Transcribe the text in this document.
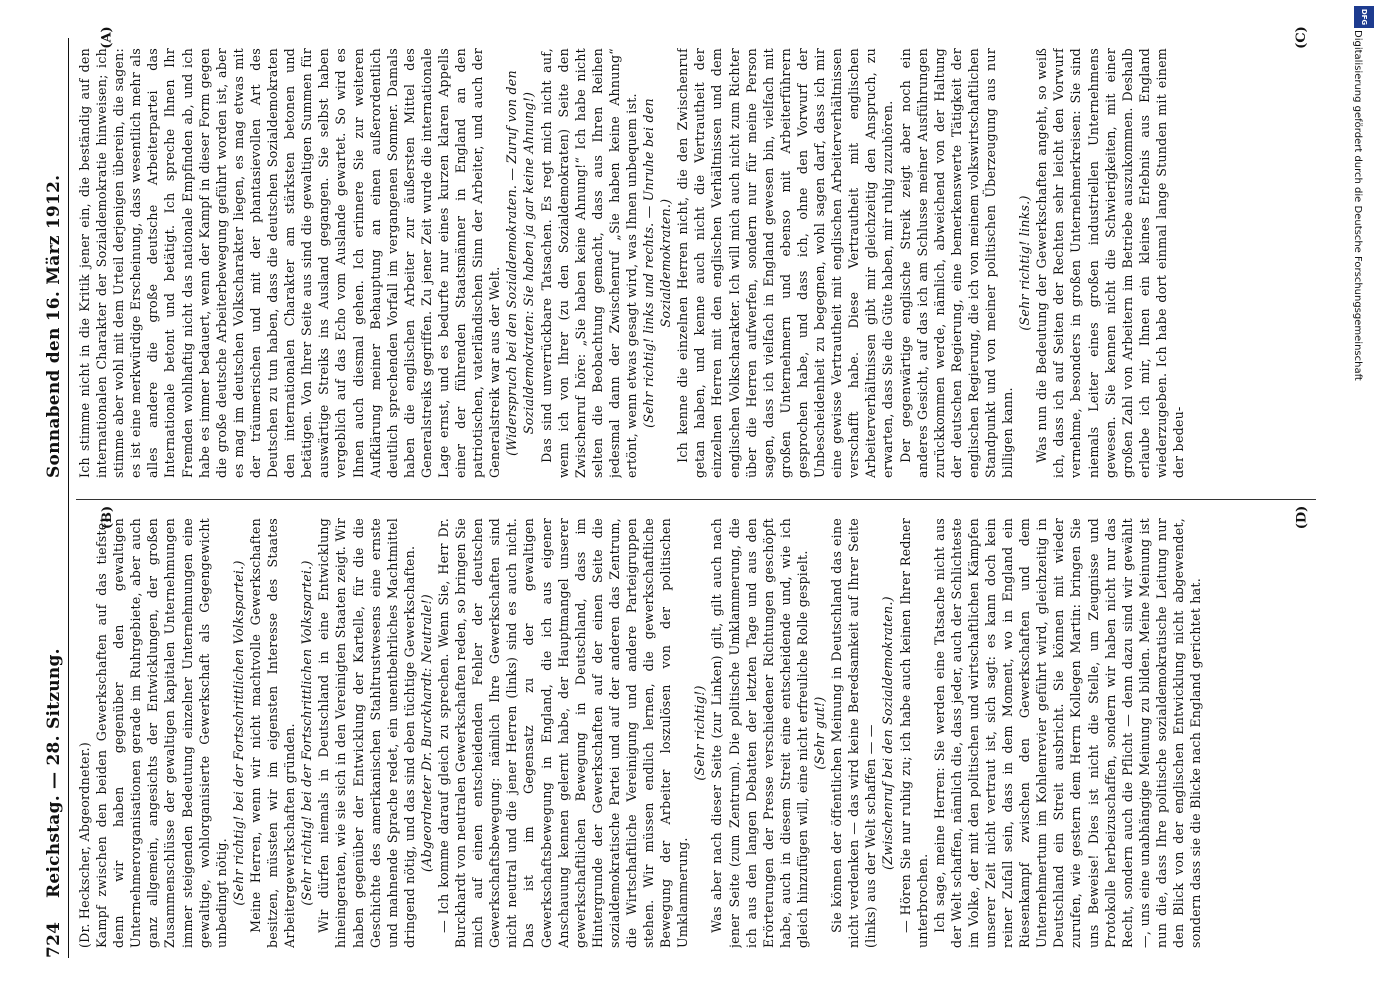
724
Reichstag. — 28. Sitzung.
Sonnabend den 16. März 1912.

(Dr. Heckscher, Abgeordneter.) Kampf zwischen den beiden Gewerkschaften auf das tiefste; denn wir haben gegenüber den gewaltigen Unternehmerorganisationen gerade im Ruhrgebiete, aber auch ganz allgemein, angesichts der Entwicklungen, der großen Zusammenschlüsse der gewaltigen kapitalen Unternehmungen immer steigenden Bedeutung einzelner Unternehmungen eine gewaltige, wohlorganisierte Gewerkschaft als Gegengewicht unbedingt nötig. (Sehr richtig! bei der Fortschrittlichen Volkspartei.) Meine Herren, wenn wir nicht machtvolle Gewerkschaften besitzen, müssten wir im eigensten Interesse des Staates Arbeitergewerkschaften gründen. (Sehr richtig! bei der Fortschrittlichen Volkspartei.) Wir dürfen niemals in Deutschland in eine Entwicklung hineingeraten, wie sie sich in den Vereinigten Staaten zeigt. Wir haben gegenüber der Entwicklung der Kartelle, für die die Geschichte des amerikanischen Stahltrustwesens eine ernste und mahnende Sprache redet, ein unentbehrliches Machtmittel dringend nötig, und das sind eben tüchtige Gewerkschaften. (Abgeordneter Dr. Burckhardt: Neutrale!) — Ich komme darauf gleich zu sprechen. Wenn Sie, Herr Dr. Burckhardt von neutralen Gewerkschaften reden, so bringen Sie mich auf einen entscheidenden Fehler der deutschen Gewerkschaftsbewegung: nämlich Ihre Gewerkschaften sind nicht neutral und die jener Herren (links) sind es auch nicht. Das ist im Gegensatz zu der gewaltigen Gewerkschaftsbewegung in England, die ich aus eigener Anschauung kennen gelernt habe, der Hauptmangel unserer gewerkschaftlichen Bewegung in Deutschland, dass im Hintergrunde der Gewerkschaften auf der einen Seite die sozialdemokratische Partei und auf der anderen das Zentrum, die Wirtschaftliche Vereinigung und andere Parteigruppen stehen. Wir müssen endlich lernen, die gewerkschaftliche Bewegung der Arbeiter loszulösen von der politischen Umklammerung.

(Sehr richtig!) Was aber nach dieser Seite (zur Linken) gilt, gilt auch nach jener Seite (zum Zentrum). Die politische Umklammerung, die ich aus den langen Debatten der letzten Tage und aus den Erörterungen der Presse verschiedener Richtungen geschöpft habe, auch in diesem Streit eine entscheidende und, wie ich gleich hinzufügen will, eine nicht erfreuliche Rolle gespielt. (Sehr gut!) Sie können der öffentlichen Meinung in Deutschland das eine nicht verdenken — das wird keine Beredsamkeit auf Ihrer Seite (links) aus der Welt schaffen — — (Zwischenruf bei den Sozialdemokraten.) — Hören Sie nur ruhig zu; ich habe auch keinen Ihrer Redner unterbrochen. Ich sage, meine Herren: Sie werden eine Tatsache nicht aus der Welt schaffen, nämlich die, dass jeder, auch der Schlichteste im Volke, der mit den politischen und wirtschaftlichen Kämpfen unserer Zeit nicht vertraut ist, sich sagt: es kann doch kein reiner Zufall sein, dass in dem Moment, wo in England ein Riesenkampf zwischen den Gewerkschaften und dem Unternehmertum im Kohlenrevier geführt wird, gleichzeitig in Deutschland ein Streit ausbricht. Sie können mit wieder zurufen, wie gestern dem Herrn Kollegen Martin: bringen Sie uns Beweise! Dies ist nicht die Stelle, um Zeugnisse und Protokolle herbeizuschaffen, sondern wir haben nicht nur das Recht, sondern auch die Pflicht — denn dazu sind wir gewählt —, uns eine unabhängige Meinung zu bilden. Meine Meinung ist nun die, dass Ihre politische sozialdemokratische Leitung nur den Blick von der englischen Entwicklung nicht abgewendet, sondern dass sie die Blicke nach England gerichtet hat.

Ich stimme nicht in die Kritik jener ein, die beständig auf den internationalen Charakter der Sozialdemokratie hinweisen; ich stimme aber wohl mit dem Urteil derjenigen überein, die sagen: es ist eine merkwürdige Erscheinung, dass wesentlich mehr als alles andere die große deutsche Arbeiterpartei das Internationale betont und betätigt. Ich spreche Ihnen Ihr Fremden wohlhaftig nicht das nationale Empfinden ab, und ich habe es immer bedauert, wenn der Kampf in dieser Form gegen die große deutsche Arbeiterbewegung geführt worden ist, aber es mag im deutschen Volkscharakter liegen, es mag etwas mit der träumerischen und mit der phantasievollen Art des Deutschen zu tun haben, dass die deutschen Sozialdemokraten den internationalen Charakter am stärksten betonen und betätigen. Von Ihrer Seite aus sind die gewaltigen Summen für auswärtige Streiks ins Ausland gegangen. Sie selbst haben vergeblich auf das Echo vom Auslande gewartet. So wird es Ihnen auch diesmal gehen. Ich erinnere Sie zur weiteren Aufklärung meiner Behauptung an einen außerordentlich deutlich sprechenden Vorfall im vergangenen Sommer. Damals haben die englischen Arbeiter zur äußersten Mittel des Generalstreiks gegriffen. Zu jener Zeit wurde die internationale Lage ernst, und es bedurfte nur eines kurzen klaren Appells einer der führenden Staatsmänner in England an den patriotischen, vaterländischen Sinn der Arbeiter, und auch der Generalstreik war aus der Welt. (Widerspruch bei den Sozialdemokraten. — Zuruf von den Sozialdemokraten: Sie haben ja gar keine Ahnung!) Das sind unverrückbare Tatsachen. Es regt mich nicht auf, wenn ich von Ihrer (zu den Sozialdemokraten) Seite den Zwischenruf höre: „Sie haben keine Ahnung!“ Ich habe nicht selten die Beobachtung gemacht, dass aus Ihren Reihen jedesmal dann der Zwischenruf „Sie haben keine Ahnung“ ertönt, wenn etwas gesagt wird, was Ihnen unbequem ist. (Sehr richtig! links und rechts. — Unruhe bei den Sozialdemokraten.) Ich kenne die einzelnen Herren nicht, die den Zwischenruf getan haben, und kenne auch nicht die Vertrautheit der einzelnen Herren mit den englischen Verhältnissen und dem englischen Volkscharakter. Ich will mich auch nicht zum Richter über die Herren aufwerfen, sondern nur für meine Person sagen, dass ich vielfach in England gewesen bin, vielfach mit großen Unternehmern und ebenso mit Arbeiterführern gesprochen habe, und dass ich, ohne den Vorwurf der Unbescheidenheit zu begegnen, wohl sagen darf, dass ich mir eine gewisse Vertrautheit mit englischen Arbeiterverhältnissen verschafft habe. Diese Vertrautheit mit englischen Arbeiterverhältnissen gibt mir gleichzeitig den Anspruch, zu erwarten, dass Sie die Güte haben, mir ruhig zuzuhören. Der gegenwärtige englische Streik zeigt aber noch ein anderes Gesicht, auf das ich am Schlusse meiner Ausführungen zurückkommen werde, nämlich, abweichend von der Haltung der deutschen Regierung, eine bemerkenswerte Tätigkeit der englischen Regierung, die ich von meinem volkswirtschaftlichen Standpunkt und von meiner politischen Überzeugung aus nur billigen kann.

(Sehr richtig! links.) Was nun die Bedeutung der Gewerkschaften angeht, so weiß ich, dass ich auf Seiten der Rechten sehr leicht den Vorwurf vernehme, besonders in großen Unternehmerkreisen: Sie sind niemals Leiter eines großen industriellen Unternehmens gewesen. Sie kennen nicht die Schwierigkeiten, mit einer großen Zahl von Arbeitern im Betriebe auszukommen. Deshalb erlaube ich mir, Ihnen ein kleines Erlebnis aus England wiederzugeben. Ich habe dort einmal lange Stunden mit einem der bedeu-

(A)
(B)
(C)
(D)
DFG
Digitalisierung gefördert durch die Deutsche Forschungsgemeinschaft
